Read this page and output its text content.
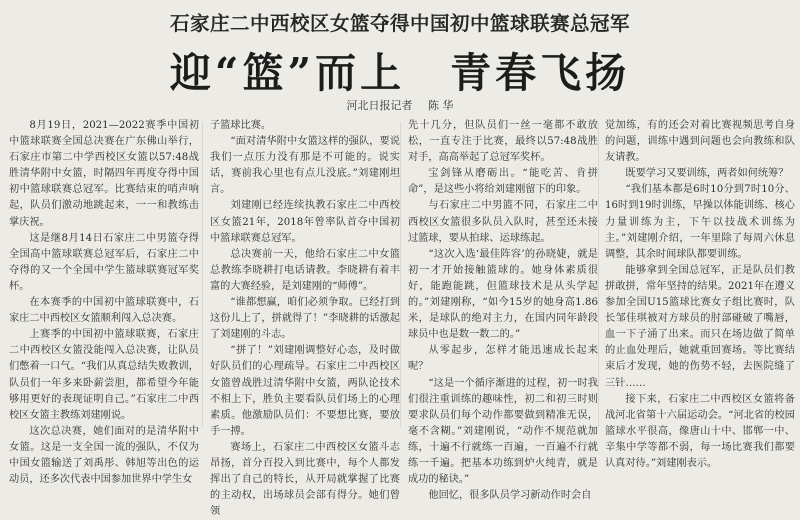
石家庄二中西校区女篮夺得中国初中篮球联赛总冠军
迎“篮”而上　青春飞扬
河北日报记者 陈 华

8月19日，2021—2022赛季中国初中篮球联赛全国总决赛在广东佛山举行，石家庄市第二中学西校区女篮以57:48战胜清华附中女篮，时隔四年再度夺得中国初中篮球联赛总冠军。比赛结束的哨声响起，队员们激动地跳起来，一一和教练击掌庆祝。

这是继8月14日石家庄二中男篮夺得全国高中篮球联赛总冠军后，石家庄二中夺得的又一个全国中学生篮球联赛冠军奖杯。

在本赛季的中国初中篮球联赛中，石家庄二中西校区女篮顺利闯入总决赛。

上赛季的中国初中篮球联赛，石家庄二中西校区女篮没能闯入总决赛，让队员们憋着一口气。“我们从真总结失败教训，队员们一年多来卧薪尝胆，都希望今年能够用更好的表现证明自己。”石家庄二中西校区女篮主教练刘建刚说。

这次总决赛，她们面对的是清华附中女篮。这是一支全国一流的强队，不仅为中国女篮输送了刘禹彤、韩旭等出色的运动员，还多次代表中国参加世界中学生女

子篮球比赛。

“面对清华附中女篮这样的强队，要说我们一点压力没有那是不可能的。说实话，赛前我心里也有点儿没底。”刘建刚坦言。

刘建刚已经连续执教石家庄二中西校区女篮21年，2018年曾率队首夺中国初中篮球联赛总冠军。

总决赛前一天，他给石家庄二中女篮总教练李晓耕打电话请教。李晓耕有着丰富的大赛经验，是刘建刚的“师傅”。

“谁都想赢，咱们必须争取。已经打到这份儿上了，拼就得了！”李晓耕的话激起了刘建刚的斗志。

“拼了！”刘建刚调整好心态，及时做好队员们的心理疏导。石家庄二中西校区女篮曾战胜过清华附中女篮，两队论技术不相上下，胜负主要看队员们场上的心理素质。他激励队员们：不要想比赛，要放手一搏。

赛场上，石家庄二中西校区女篮斗志昂扬，首分百投入到比赛中，每个人都发挥出了自己的特长，从开局就掌握了比赛的主动权，出场球员会部有得分。她们曾领

先十几分，但队员们一丝一毫都不敢放松，一直专注于比赛，最终以57:48战胜对手，高高举起了总冠军奖杯。

宝剑锋从磨砺出。“能吃苦、肯拼命”，是这些小将给刘建刚留下的印象。

与石家庄二中男篮不同，石家庄二中西校区女篮很多队员入队时，甚至还未接过篮球，要从拍球、运球练起。

“这次入选‘最佳阵容’的孙晓婕，就是初一才开始接触篮球的。她身体素质很好，能跑能跳，但篮球技术是从头学起的。”刘建刚称，“如今15岁的她身高1.86米，是球队的绝对主力，在国内同年龄段球员中也是数一数二的。”

从零起步，怎样才能迅速成长起来呢？

“这是一个循序渐进的过程，初一时我们很注重训练的趣味性，初二和初三时则要求队员们每个动作都要做到精准无误，毫不含糊。”刘建刚说，“动作不规范就加练，十遍不行就练一百遍，一百遍不行就练一千遍。把基本功练到炉火纯青，就是成功的秘诀。”

他回忆，很多队员学习新动作时会自

觉加练，有的还会对着比赛视频思考自身的问题，训练中遇到问题也会向教练和队友请教。

既要学习又要训练，两者如何统筹？

“我们基本都是6时10分到7时10分、16时到19时训练，早操以体能训练、核心力量训练为主，下午以技战术训练为主。”刘建刚介绍，一年里除了每周六休息调整，其余时间球队都要训练。

能够拿到全国总冠军，正是队员们教拼敢拼，常年坚持的结果。2021年在遵义参加全国U15篮球比赛女子组比赛时，队长邹佳琪被对方球员的肘部碰破了嘴唇，血一下子涌了出来。而只在场边做了简单的止血处理后，她就重回赛场。等比赛结束后才发现，她的伤势不轻，去医院缝了三针……

接下来，石家庄二中西校区女篮将备战河北省第十六届运动会。“河北省的校园篮球水平很高，像唐山十中、邯郸一中、辛集中学等都不弱，每一场比赛我们都要认真对待。”刘建刚表示。
